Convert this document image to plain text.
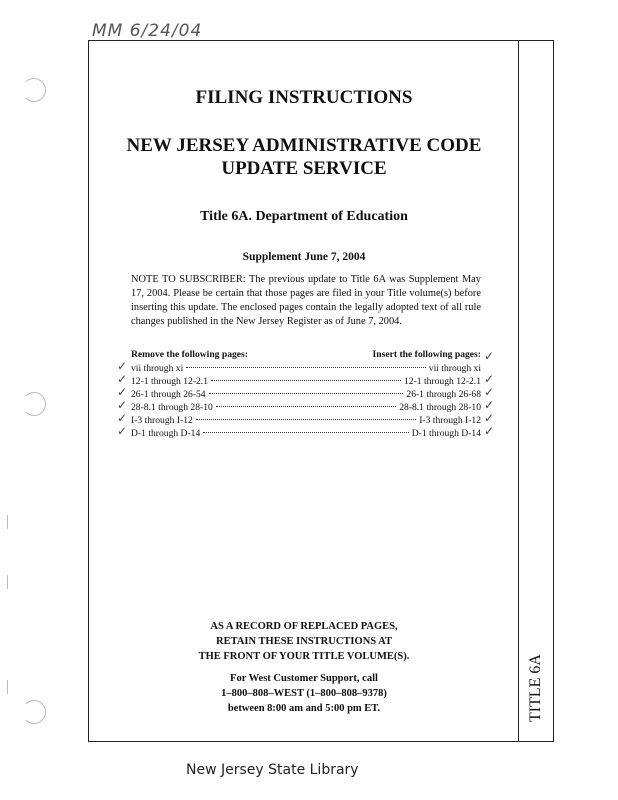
MM 6/24/04
FILING INSTRUCTIONS
NEW JERSEY ADMINISTRATIVE CODE
UPDATE SERVICE
Title 6A. Department of Education
Supplement June 7, 2004
NOTE TO SUBSCRIBER: The previous update to Title 6A was Supplement May 17, 2004. Please be certain that those pages are filed in your Title volume(s) before inserting this update. The enclosed pages contain the legally adopted text of all rule changes published in the New Jersey Register as of June 7, 2004.
Remove the following pages:	Insert the following pages:
vii through xi	vii through xi
12-1 through 12-2.1	12-1 through 12-2.1
26-1 through 26-54	26-1 through 26-68
28-8.1 through 28-10	28-8.1 through 28-10
I-3 through I-12	I-3 through I-12
D-1 through D-14	D-1 through D-14
✓
✓
✓
✓
✓
✓
✓
✓
✓
✓
✓
✓
AS A RECORD OF REPLACED PAGES,
RETAIN THESE INSTRUCTIONS AT
THE FRONT OF YOUR TITLE VOLUME(S).
For West Customer Support, call
1–800–808–WEST (1–800–808–9378)
between 8:00 am and 5:00 pm ET.	TITLE 6A
New Jersey State Library
